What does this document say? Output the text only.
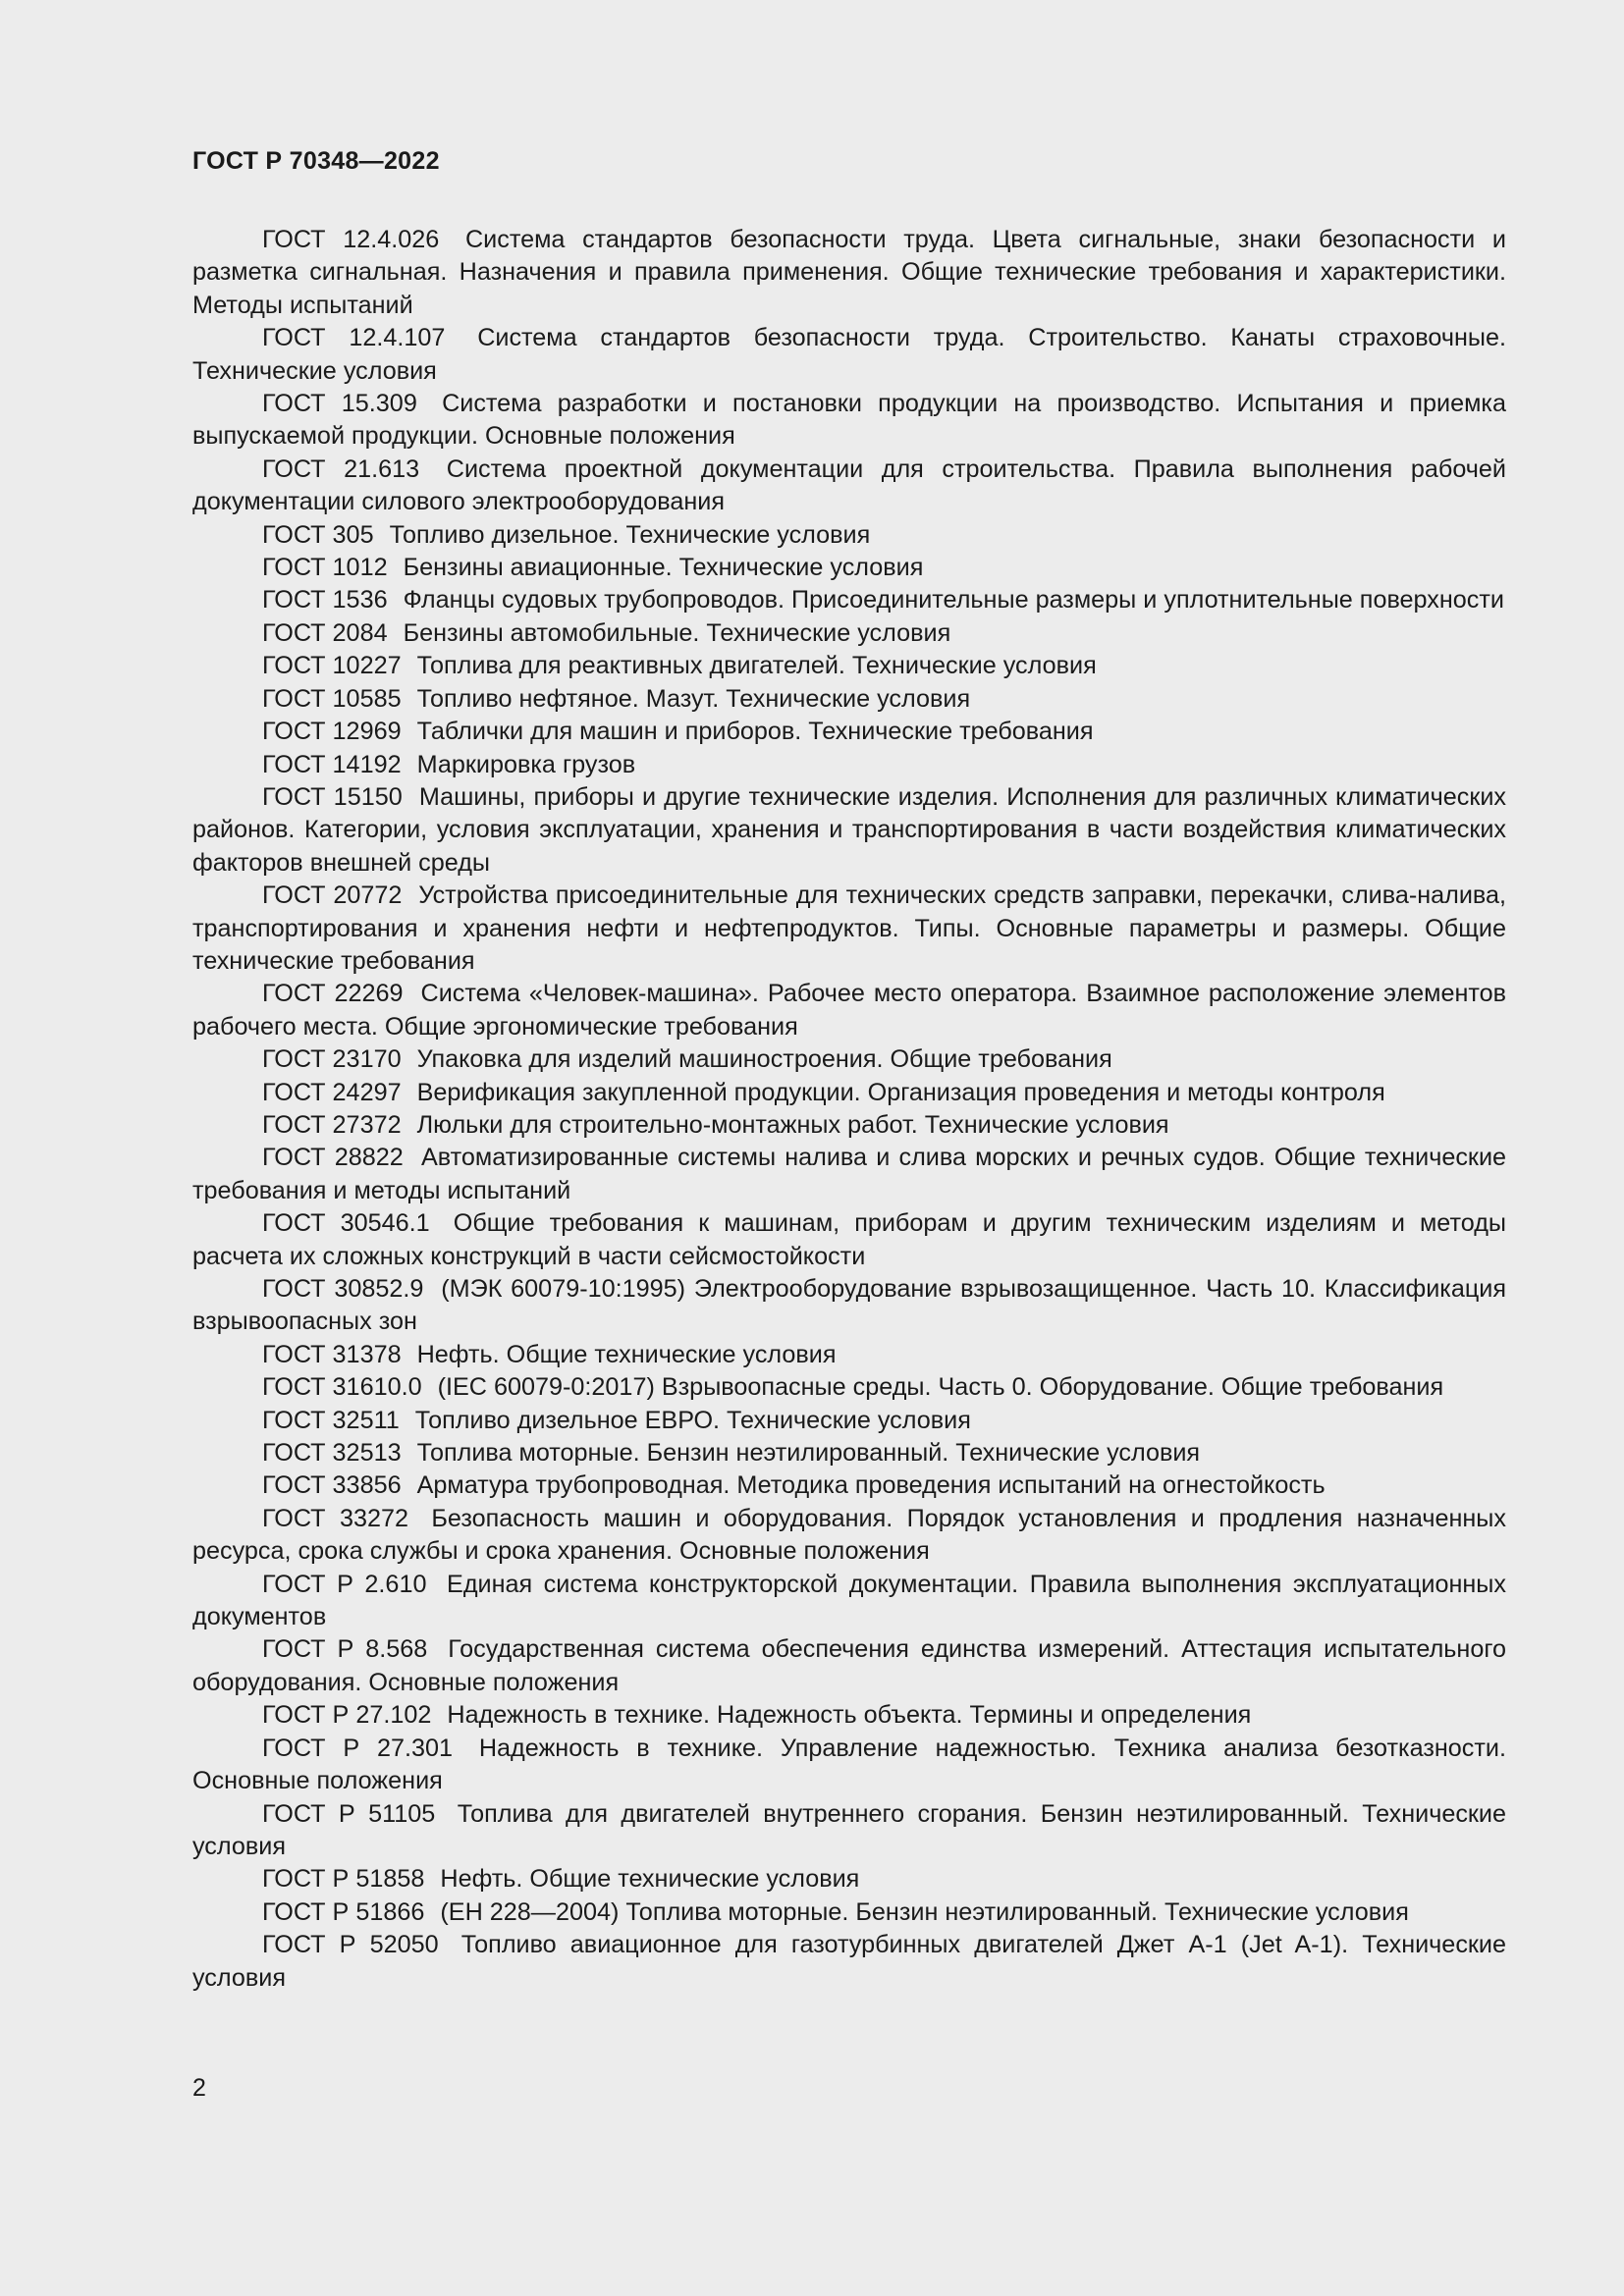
ГОСТ Р 70348—2022
ГОСТ 12.4.026 Система стандартов безопасности труда. Цвета сигнальные, знаки безопасности и разметка сигнальная. Назначения и правила применения. Общие технические требования и характеристики. Методы испытаний
ГОСТ 12.4.107 Система стандартов безопасности труда. Строительство. Канаты страховочные. Технические условия
ГОСТ 15.309 Система разработки и постановки продукции на производство. Испытания и приемка выпускаемой продукции. Основные положения
ГОСТ 21.613 Система проектной документации для строительства. Правила выполнения рабочей документации силового электрооборудования
ГОСТ 305 Топливо дизельное. Технические условия
ГОСТ 1012 Бензины авиационные. Технические условия
ГОСТ 1536 Фланцы судовых трубопроводов. Присоединительные размеры и уплотнительные поверхности
ГОСТ 2084 Бензины автомобильные. Технические условия
ГОСТ 10227 Топлива для реактивных двигателей. Технические условия
ГОСТ 10585 Топливо нефтяное. Мазут. Технические условия
ГОСТ 12969 Таблички для машин и приборов. Технические требования
ГОСТ 14192 Маркировка грузов
ГОСТ 15150 Машины, приборы и другие технические изделия. Исполнения для различных климатических районов. Категории, условия эксплуатации, хранения и транспортирования в части воздействия климатических факторов внешней среды
ГОСТ 20772 Устройства присоединительные для технических средств заправки, перекачки, слива-налива, транспортирования и хранения нефти и нефтепродуктов. Типы. Основные параметры и размеры. Общие технические требования
ГОСТ 22269 Система «Человек-машина». Рабочее место оператора. Взаимное расположение элементов рабочего места. Общие эргономические требования
ГОСТ 23170 Упаковка для изделий машиностроения. Общие требования
ГОСТ 24297 Верификация закупленной продукции. Организация проведения и методы контроля
ГОСТ 27372 Люльки для строительно-монтажных работ. Технические условия
ГОСТ 28822 Автоматизированные системы налива и слива морских и речных судов. Общие технические требования и методы испытаний
ГОСТ 30546.1 Общие требования к машинам, приборам и другим техническим изделиям и методы расчета их сложных конструкций в части сейсмостойкости
ГОСТ 30852.9 (МЭК 60079-10:1995) Электрооборудование взрывозащищенное. Часть 10. Классификация взрывоопасных зон
ГОСТ 31378 Нефть. Общие технические условия
ГОСТ 31610.0 (IEC 60079-0:2017) Взрывоопасные среды. Часть 0. Оборудование. Общие требования
ГОСТ 32511 Топливо дизельное ЕВРО. Технические условия
ГОСТ 32513 Топлива моторные. Бензин неэтилированный. Технические условия
ГОСТ 33856 Арматура трубопроводная. Методика проведения испытаний на огнестойкость
ГОСТ 33272 Безопасность машин и оборудования. Порядок установления и продления назначенных ресурса, срока службы и срока хранения. Основные положения
ГОСТ Р 2.610 Единая система конструкторской документации. Правила выполнения эксплуатационных документов
ГОСТ Р 8.568 Государственная система обеспечения единства измерений. Аттестация испытательного оборудования. Основные положения
ГОСТ Р 27.102 Надежность в технике. Надежность объекта. Термины и определения
ГОСТ Р 27.301 Надежность в технике. Управление надежностью. Техника анализа безотказности. Основные положения
ГОСТ Р 51105 Топлива для двигателей внутреннего сгорания. Бензин неэтилированный. Технические условия
ГОСТ Р 51858 Нефть. Общие технические условия
ГОСТ Р 51866 (ЕН 228—2004) Топлива моторные. Бензин неэтилированный. Технические условия
ГОСТ Р 52050 Топливо авиационное для газотурбинных двигателей Джет А-1 (Jet A-1). Технические условия

2
